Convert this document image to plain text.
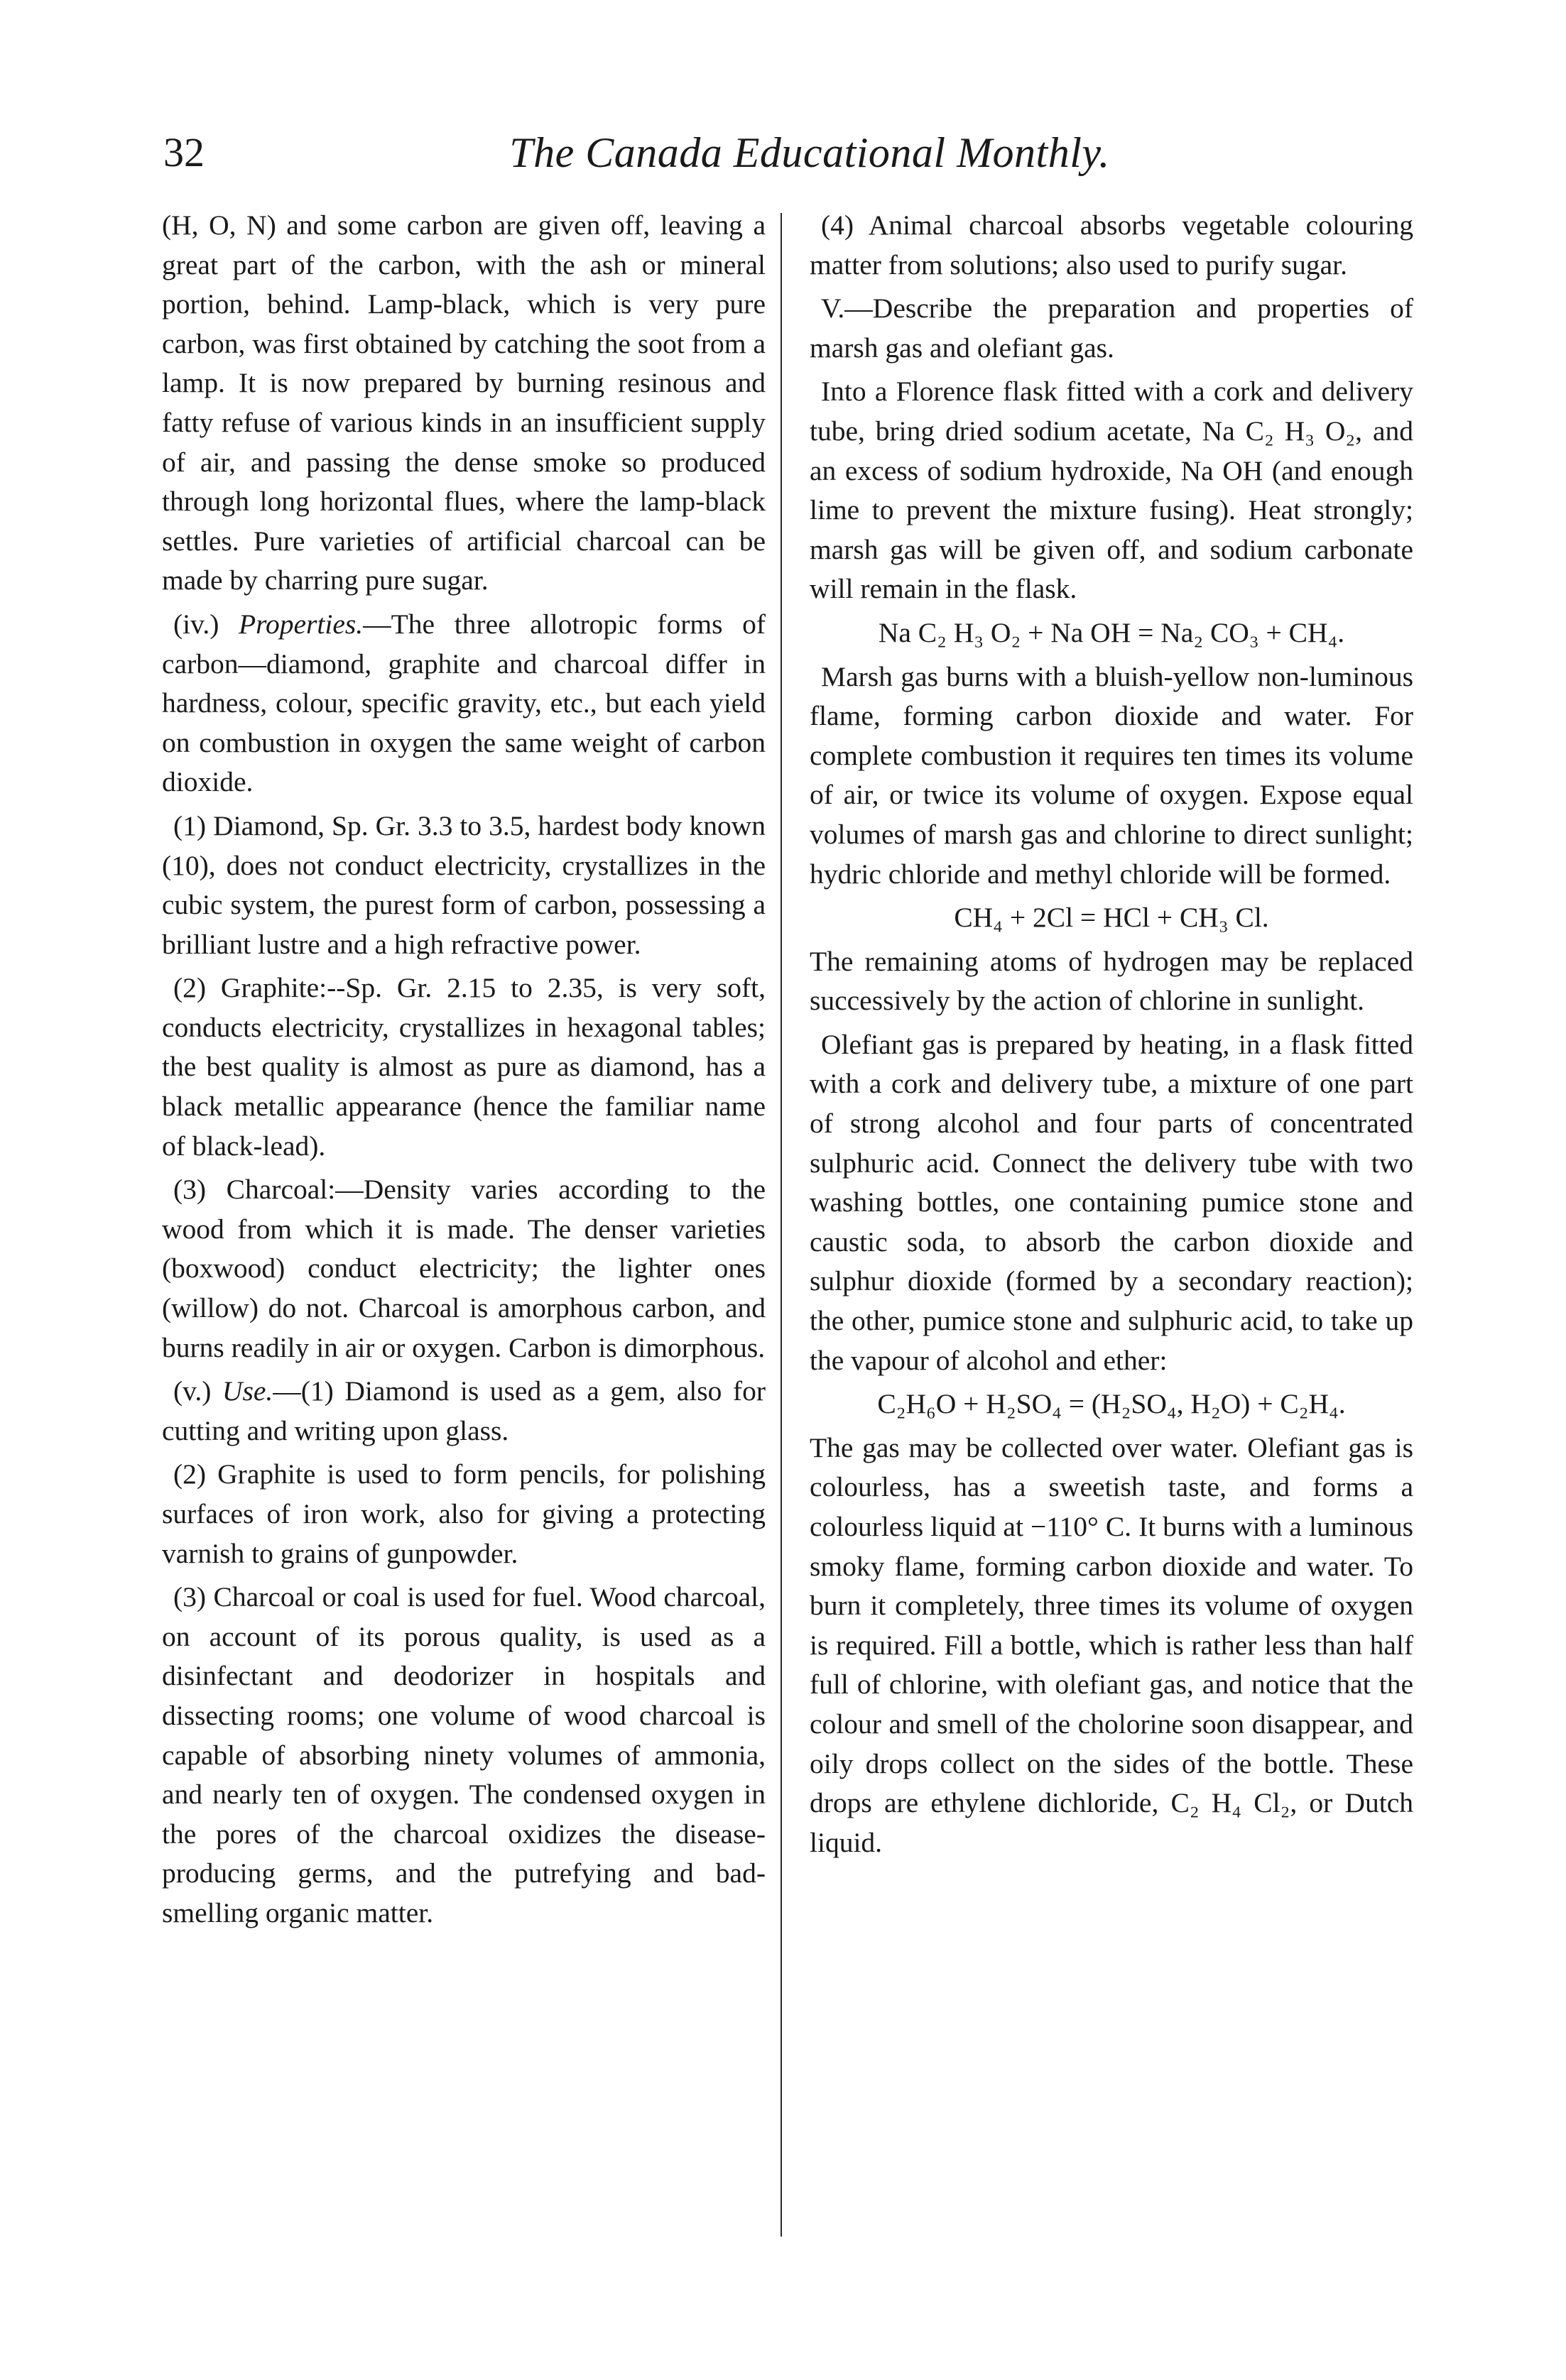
32	The Canada Educational Monthly.

(H, O, N) and some carbon are given off, leaving a great part of the carbon, with the ash or mineral portion, behind. Lamp-black, which is very pure carbon, was first obtained by catching the soot from a lamp. It is now prepared by burning resinous and fatty refuse of various kinds in an insufficient supply of air, and passing the dense smoke so produced through long horizontal flues, where the lamp-black settles. Pure varieties of artificial charcoal can be made by charring pure sugar.

(iv.) Properties.—The three allotropic forms of carbon—diamond, graphite and charcoal differ in hardness, colour, specific gravity, etc., but each yield on combustion in oxygen the same weight of carbon dioxide.

(1) Diamond, Sp. Gr. 3.3 to 3.5, hardest body known (10), does not conduct electricity, crystallizes in the cubic system, the purest form of carbon, possessing a brilliant lustre and a high refractive power.

(2) Graphite:--Sp. Gr. 2.15 to 2.35, is very soft, conducts electricity, crystallizes in hexagonal tables; the best quality is almost as pure as diamond, has a black metallic appearance (hence the familiar name of black-lead).

(3) Charcoal:—Density varies according to the wood from which it is made. The denser varieties (boxwood) conduct electricity; the lighter ones (willow) do not. Charcoal is amorphous carbon, and burns readily in air or oxygen. Carbon is dimorphous.

(v.) Use.—(1) Diamond is used as a gem, also for cutting and writing upon glass.

(2) Graphite is used to form pencils, for polishing surfaces of iron work, also for giving a protecting varnish to grains of gunpowder.

(3) Charcoal or coal is used for fuel. Wood charcoal, on account of its porous quality, is used as a disinfectant and deodorizer in hospitals and dissecting rooms; one volume of wood charcoal is capable of absorbing ninety volumes of ammonia, and nearly ten of oxygen. The condensed oxygen in the pores of the charcoal oxidizes the disease-producing germs, and the putrefying and bad-smelling organic matter.

(4) Animal charcoal absorbs vegetable colouring matter from solutions; also used to purify sugar.

V.—Describe the preparation and properties of marsh gas and olefiant gas.

Into a Florence flask fitted with a cork and delivery tube, bring dried sodium acetate, Na C₂ H₃ O₂, and an excess of sodium hydroxide, Na OH (and enough lime to prevent the mixture fusing). Heat strongly; marsh gas will be given off, and sodium carbonate will remain in the flask.

Na C₂ H₃ O₂ + Na OH = Na₂ CO₃ + CH₄.

Marsh gas burns with a bluish-yellow non-luminous flame, forming carbon dioxide and water. For complete combustion it requires ten times its volume of air, or twice its volume of oxygen. Expose equal volumes of marsh gas and chlorine to direct sunlight; hydric chloride and methyl chloride will be formed.

CH₄ + 2Cl = HCl + CH₃ Cl.

The remaining atoms of hydrogen may be replaced successively by the action of chlorine in sunlight.

Olefiant gas is prepared by heating, in a flask fitted with a cork and delivery tube, a mixture of one part of strong alcohol and four parts of concentrated sulphuric acid. Connect the delivery tube with two washing bottles, one containing pumice stone and caustic soda, to absorb the carbon dioxide and sulphur dioxide (formed by a secondary reaction); the other, pumice stone and sulphuric acid, to take up the vapour of alcohol and ether:

C₂H₆O + H₂SO₄ = (H₂SO₄, H₂O) + C₂H₄.

The gas may be collected over water. Olefiant gas is colourless, has a sweetish taste, and forms a colourless liquid at −110° C. It burns with a luminous smoky flame, forming carbon dioxide and water. To burn it completely, three times its volume of oxygen is required. Fill a bottle, which is rather less than half full of chlorine, with olefiant gas, and notice that the colour and smell of the cholorine soon disappear, and oily drops collect on the sides of the bottle. These drops are ethylene dichloride, C₂ H₄ Cl₂, or Dutch liquid.
